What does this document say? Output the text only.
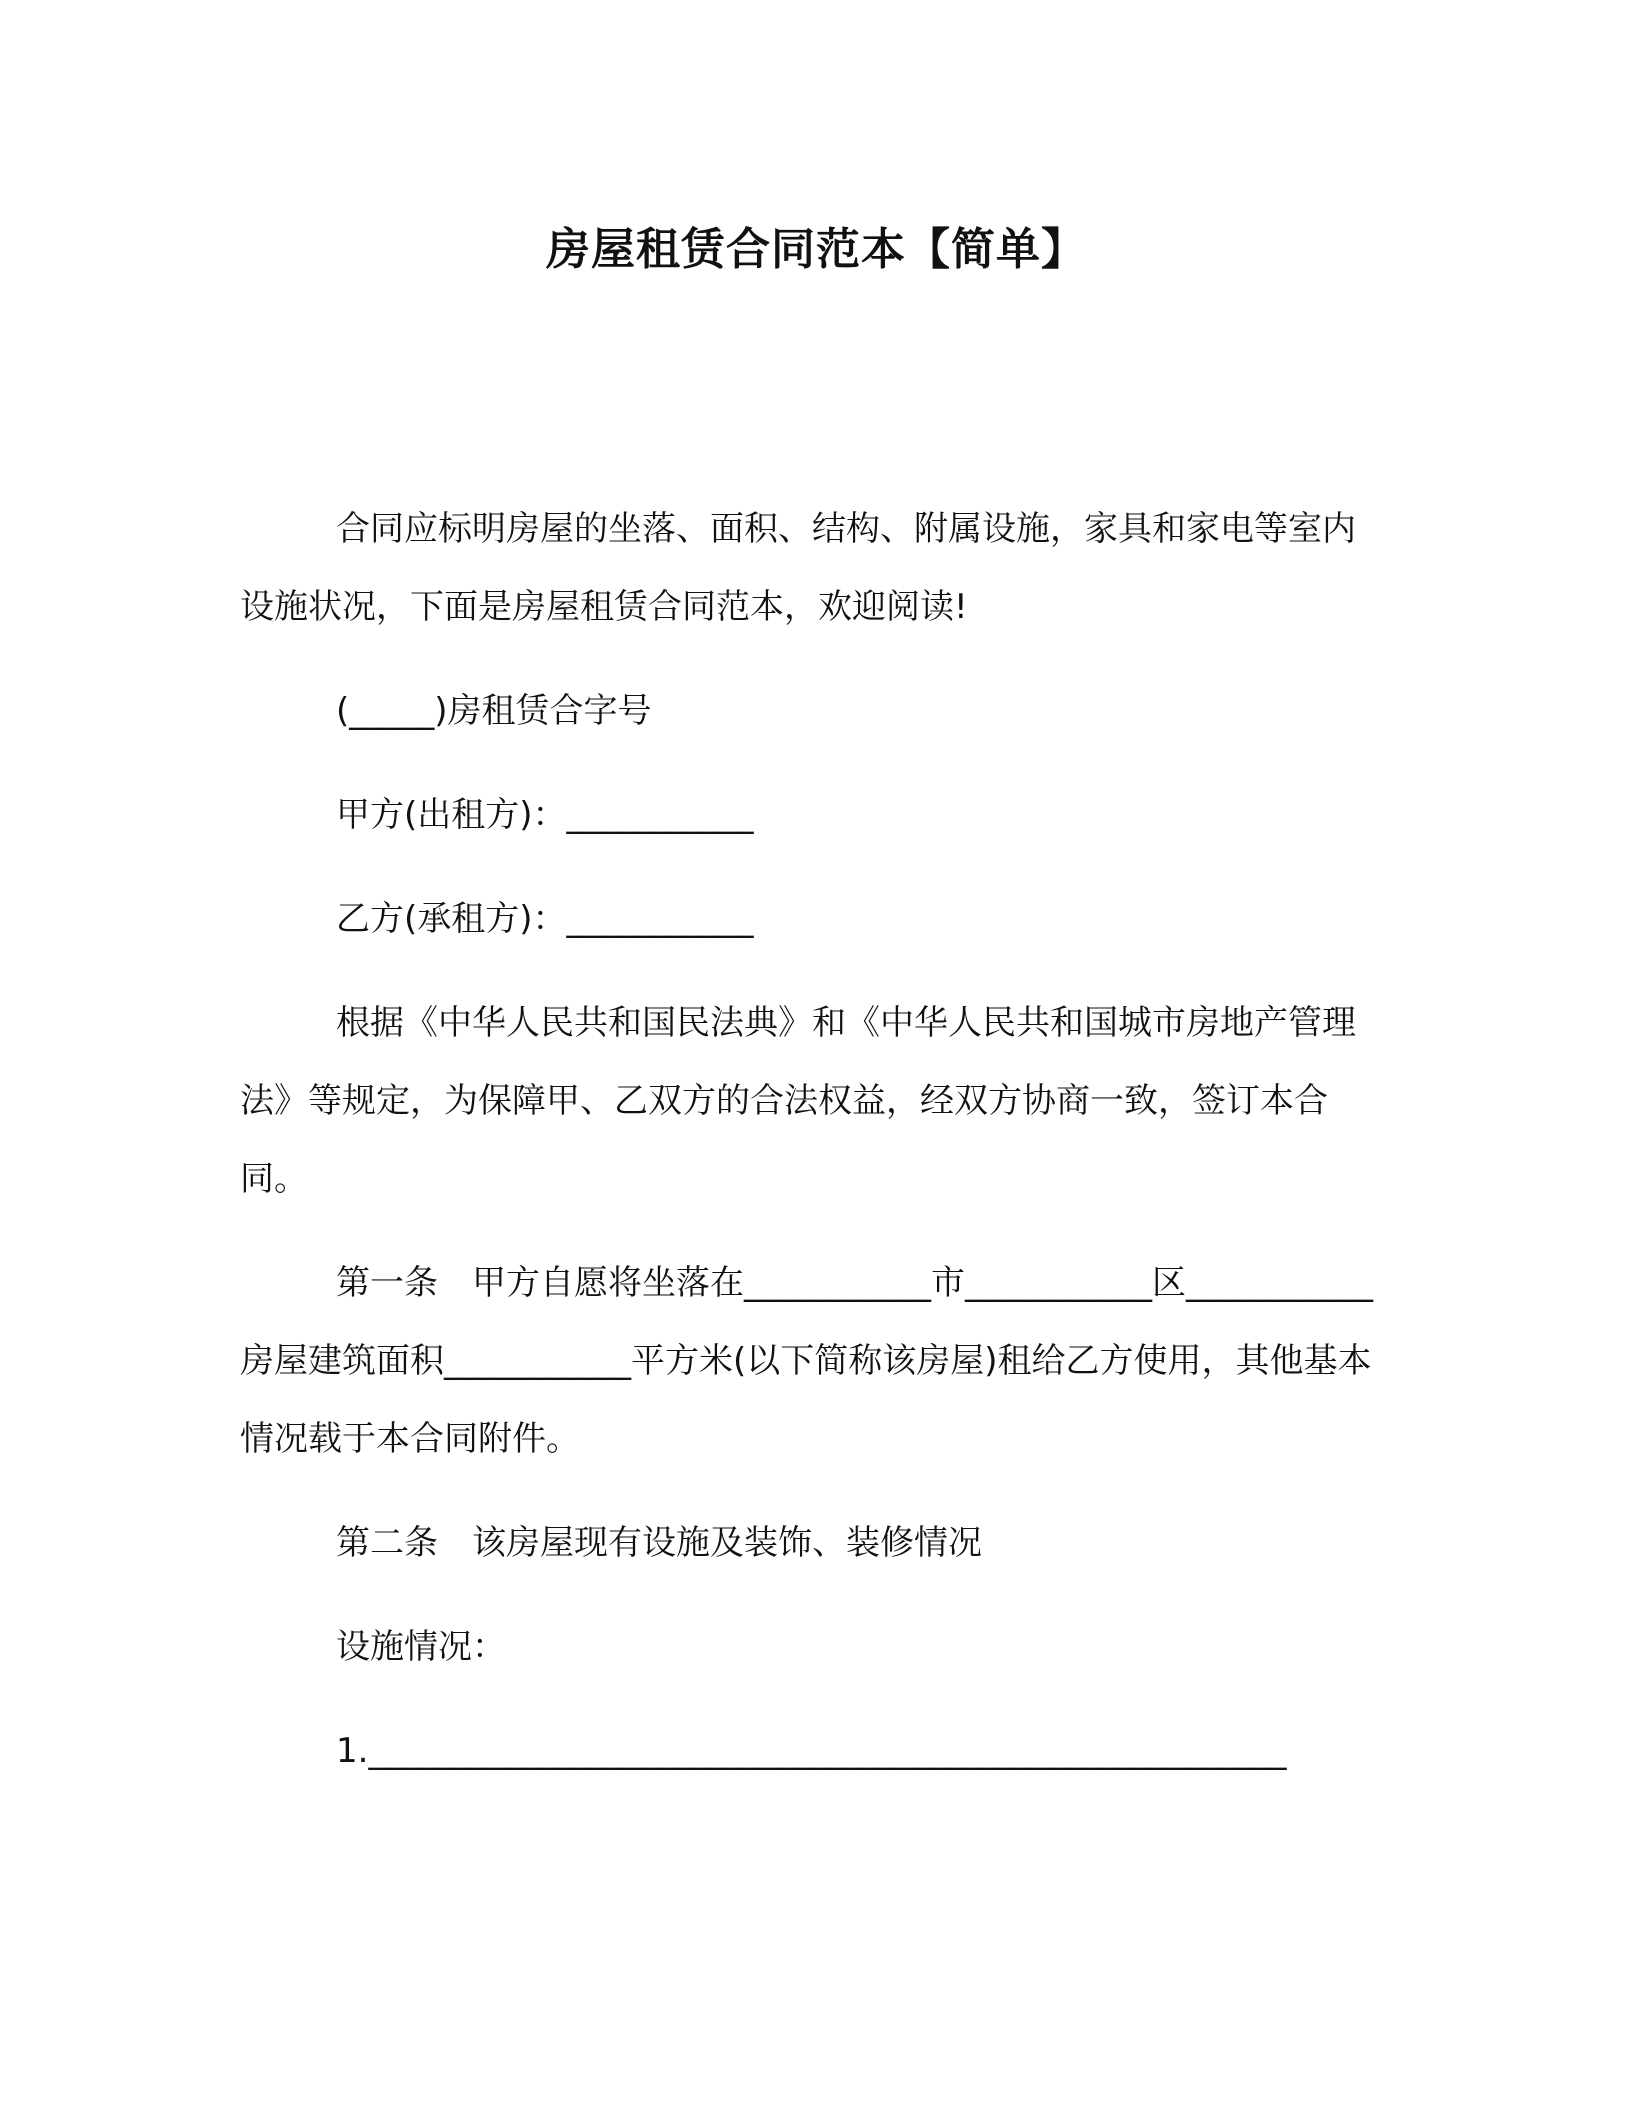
房屋租赁合同范本【简单】

合同应标明房屋的坐落、面积、结构、附属设施，家具和家电等室内设施状况，下面是房屋租赁合同范本，欢迎阅读!

(_____)房租赁合字号

甲方(出租方)：___________

乙方(承租方)：___________

根据《中华人民共和国民法典》和《中华人民共和国城市房地产管理法》等规定，为保障甲、乙双方的合法权益，经双方协商一致，签订本合同。

第一条　甲方自愿将坐落在___________市___________区___________房屋建筑面积___________平方米(以下简称该房屋)租给乙方使用，其他基本情况载于本合同附件。

第二条　该房屋现有设施及装饰、装修情况

设施情况：

1.______________________________________________________
